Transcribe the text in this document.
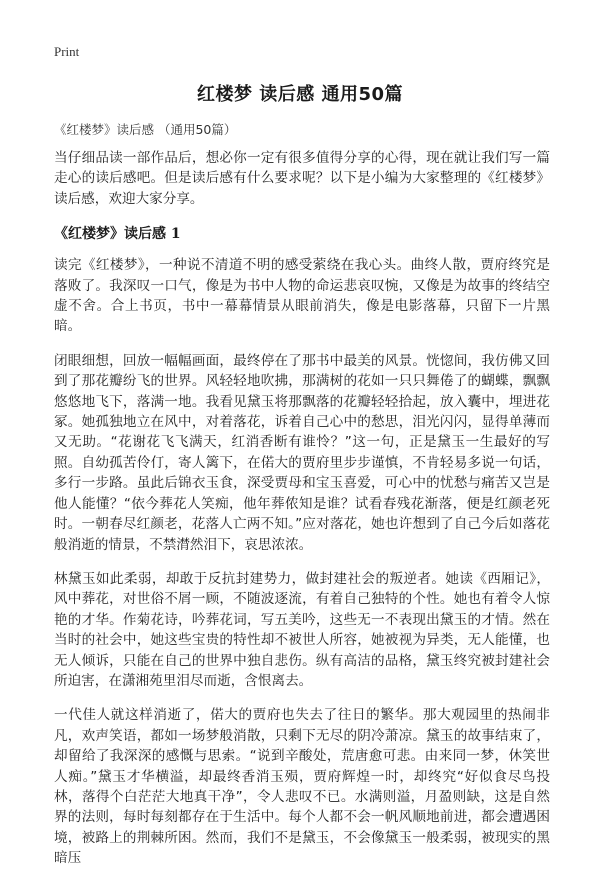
Print
红楼梦 读后感 通用50篇

《红楼梦》读后感 （通用50篇）

当仔细品读一部作品后，想必你一定有很多值得分享的心得，现在就让我们写一篇走心的读后感吧。但是读后感有什么要求呢？以下是小编为大家整理的《红楼梦》读后感，欢迎大家分享。

《红楼梦》读后感 1

读完《红楼梦》，一种说不清道不明的感受萦绕在我心头。曲终人散，贾府终究是落败了。我深叹一口气，像是为书中人物的命运悲哀叹惋，又像是为故事的终结空虚不舍。合上书页，书中一幕幕情景从眼前消失，像是电影落幕，只留下一片黑暗。

闭眼细想，回放一幅幅画面，最终停在了那书中最美的风景。恍惚间，我仿佛又回到了那花瓣纷飞的世界。风轻轻地吹拂，那满树的花如一只只舞倦了的蝴蝶，飘飘悠悠地飞下，落满一地。我看见黛玉将那飘落的花瓣轻轻拾起，放入囊中，埋进花冢。她孤独地立在风中，对着落花，诉着自己心中的愁思，泪光闪闪，显得单薄而又无助。“花谢花飞飞满天，红消香断有谁怜？”这一句，正是黛玉一生最好的写照。自幼孤苦伶仃，寄人篱下，在偌大的贾府里步步谨慎，不肯轻易多说一句话，多行一步路。虽此后锦衣玉食，深受贾母和宝玉喜爱，可心中的忧愁与痛苦又岂是他人能懂？“依今葬花人笑痴，他年葬侬知是谁？试看春残花渐落，便是红颜老死时。一朝春尽红颜老，花落人亡两不知。”应对落花，她也许想到了自己今后如落花般消逝的情景，不禁潸然泪下，哀思浓浓。

林黛玉如此柔弱，却敢于反抗封建势力，做封建社会的叛逆者。她读《西厢记》，风中葬花，对世俗不屑一顾，不随波逐流，有着自己独特的个性。她也有着令人惊艳的才华。作菊花诗，吟葬花词，写五美吟，这些无一不表现出黛玉的才情。然在当时的社会中，她这些宝贵的特性却不被世人所容，她被视为异类，无人能懂，也无人倾诉，只能在自己的世界中独自悲伤。纵有高洁的品格，黛玉终究被封建社会所迫害，在潇湘苑里泪尽而逝，含恨离去。

一代佳人就这样消逝了，偌大的贾府也失去了往日的繁华。那大观园里的热闹非凡，欢声笑语，都如一场梦般消散，只剩下无尽的阴冷萧凉。黛玉的故事结束了，却留给了我深深的感慨与思索。“说到辛酸处，荒唐愈可悲。由来同一梦，休笑世人痴。”黛玉才华横溢，却最终香消玉殒，贾府辉煌一时，却终究“好似食尽鸟投林，落得个白茫茫大地真干净”，令人悲叹不已。水满则溢，月盈则缺，这是自然界的法则，每时每刻都存在于生活中。每个人都不会一帆风顺地前进，都会遭遇困境，被路上的荆棘所困。然而，我们不是黛玉，不会像黛玉一般柔弱，被现实的黑暗压
